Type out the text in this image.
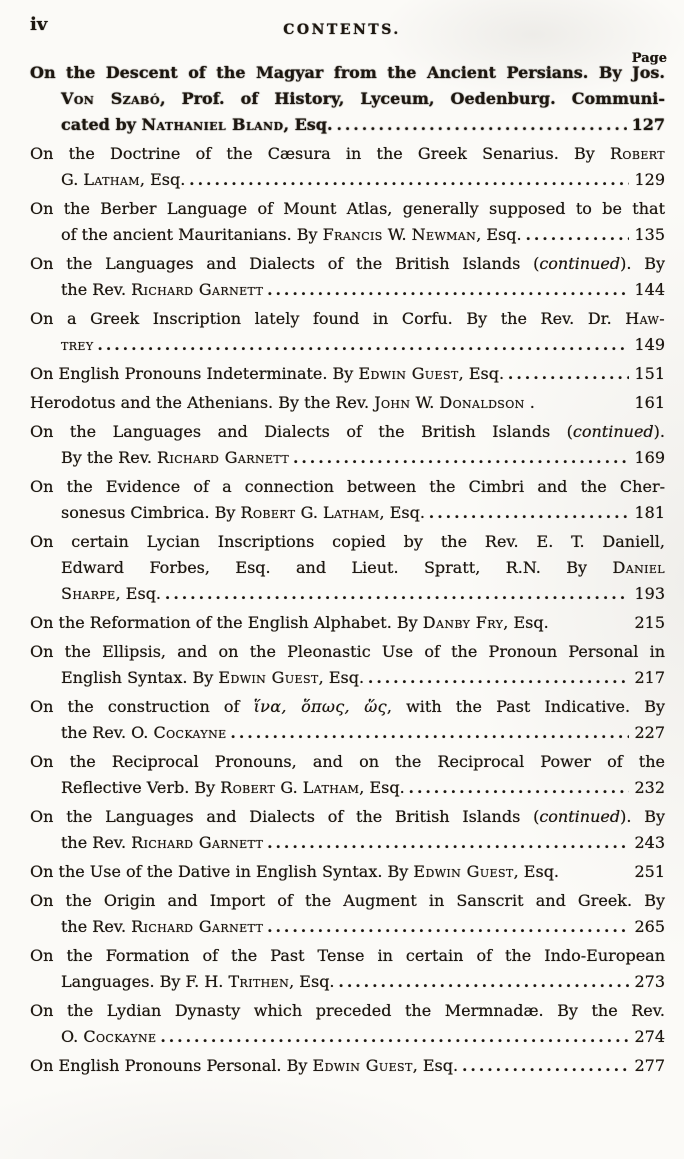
iv	CONTENTS.
Page
On the Descent of the Magyar from the Ancient Persians. By Jos.
Von Szabó, Prof. of History, Lyceum, Oedenburg. Communi-
cated by Nathaniel Bland, Esq. .....	127
On the Doctrine of the Cæsura in the Greek Senarius. By Robert
G. Latham, Esq. .....	129
On the Berber Language of Mount Atlas, generally supposed to be that
of the ancient Mauritanians. By Francis W. Newman, Esq. .....	135
On the Languages and Dialects of the British Islands (continued). By
the Rev. Richard Garnett .....	144
On a Greek Inscription lately found in Corfu. By the Rev. Dr. Haw-
trey .....	149
On English Pronouns Indeterminate. By Edwin Guest, Esq. .....	151
Herodotus and the Athenians. By the Rev. John W. Donaldson .	161
On the Languages and Dialects of the British Islands (continued).
By the Rev. Richard Garnett .....	169
On the Evidence of a connection between the Cimbri and the Cher-
sonesus Cimbrica. By Robert G. Latham, Esq. .....	181
On certain Lycian Inscriptions copied by the Rev. E. T. Daniell,
Edward Forbes, Esq. and Lieut. Spratt, R.N. By Daniel
Sharpe, Esq. .....	193
On the Reformation of the English Alphabet. By Danby Fry, Esq.	215
On the Ellipsis, and on the Pleonastic Use of the Pronoun Personal in
English Syntax. By Edwin Guest, Esq. .....	217
On the construction of ἵνα, ὅπως, ὥς, with the Past Indicative. By
the Rev. O. Cockayne .....	227
On the Reciprocal Pronouns, and on the Reciprocal Power of the
Reflective Verb. By Robert G. Latham, Esq. .....	232
On the Languages and Dialects of the British Islands (continued). By
the Rev. Richard Garnett .....	243
On the Use of the Dative in English Syntax. By Edwin Guest, Esq.	251
On the Origin and Import of the Augment in Sanscrit and Greek. By
the Rev. Richard Garnett .....	265
On the Formation of the Past Tense in certain of the Indo-European
Languages. By F. H. Trithen, Esq. .....	273
On the Lydian Dynasty which preceded the Mermnadæ. By the Rev.
O. Cockayne .....	274
On English Pronouns Personal. By Edwin Guest, Esq. .....	277
